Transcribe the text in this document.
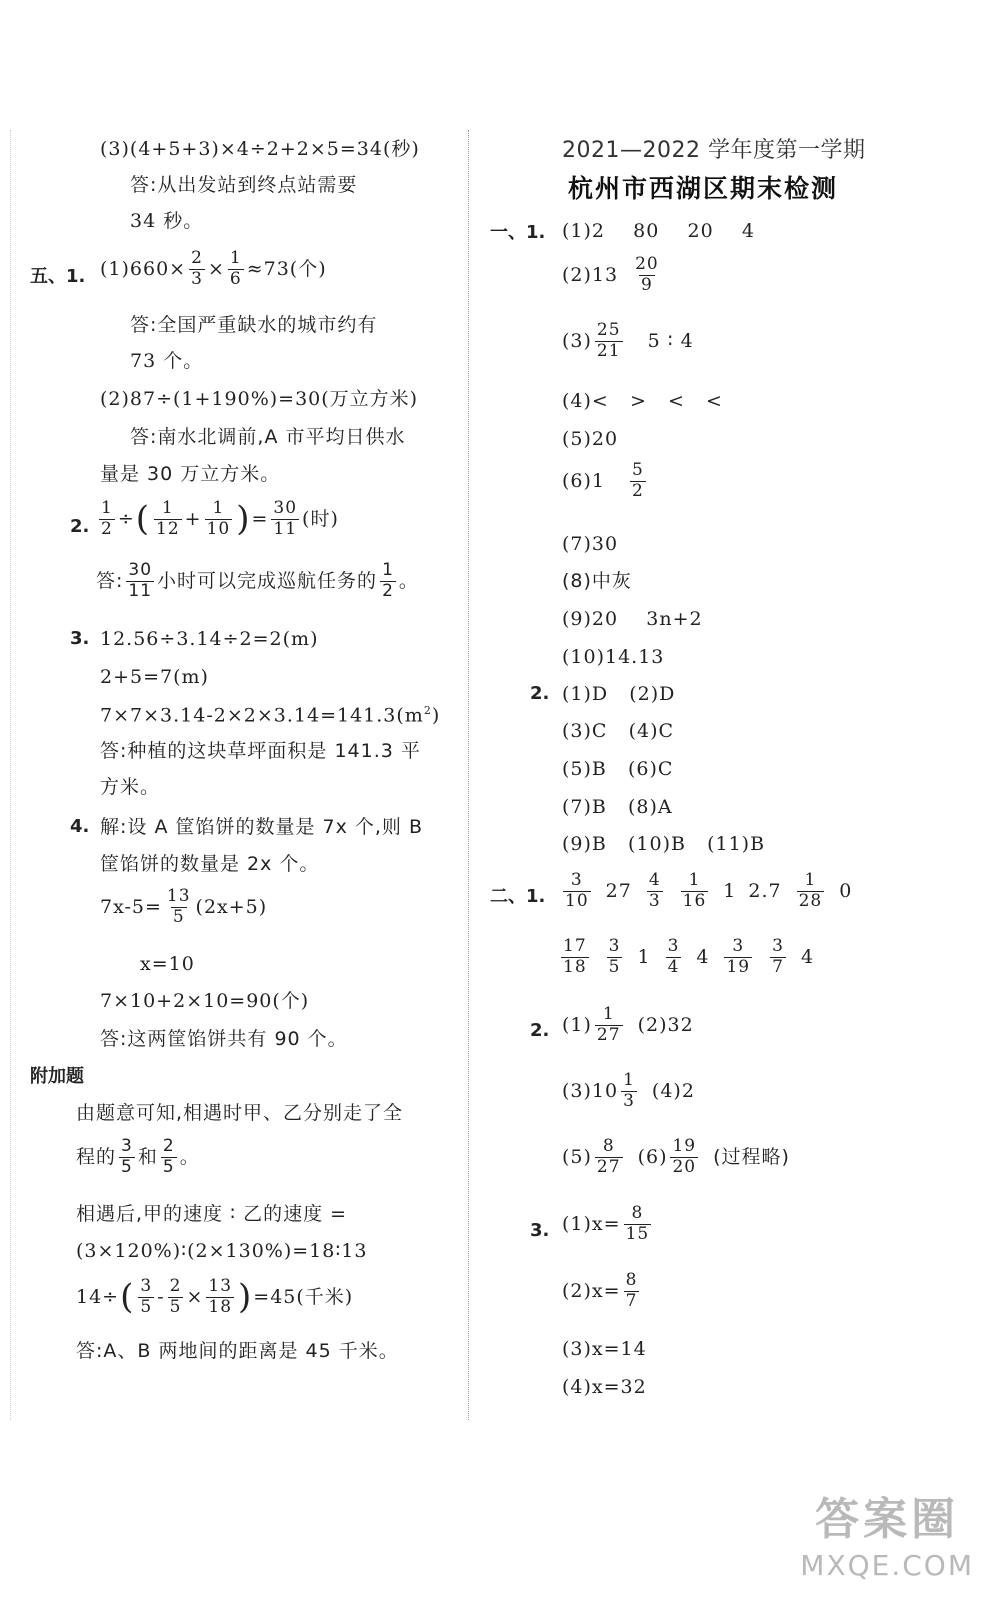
(3)(4+5+3)×4÷2+2×5=34(秒)
答:从出发站到终点站需要
34 秒。
五、1. $(1)660\times \frac{2}{3} \times \frac{1}{6} \approx 73$(个)
答:全国严重缺水的城市约有
73 个。
(2)87÷(1+190%)=30(万立方米)
答:南水北调前,A 市平均日供水
量是 30 万立方米。
2. $\frac{1}{2}$ ÷ ( $\frac{1}{12} + \frac{1}{10}$ ) = $\frac{30}{11}$ (时)
答: $\frac{30}{11}$ 小时可以完成巡航任务的 $\frac{1}{2}$ 。
3. 12.56÷3.14÷2=2(m)
2+5=7(m)
$7\times 7\times 3.14-2\times 2\times 3.14=141.3(m^2)$
答:种植的这块草坪面积是 141.3 平
方米。
4. 解:设 A 筐馅饼的数量是 7x 个,则 B
筐馅饼的数量是 2x 个。
$7x-5= \frac{13}{5} (2x+5)$
x=10
7×10+2×10=90(个)
答:这两筐馅饼共有 90 个。
附加题
由题意可知,相遇时甲、乙分别走了全
程的 $\frac{3}{5}$ 和 $\frac{2}{5}$ 。
相遇后,甲的速度 ∶ 乙的速度 =
(3×120%)∶(2×130%)=18∶13
14÷ ( $\frac{3}{5} - \frac{2}{5} \times \frac{13}{18}$ ) =45(千米)
答:A、B 两地间的距离是 45 千米。
2021—2022 学年度第一学期
杭州市西湖区期末检测
一、1. (1)2    80    20    4
$(2)13 \frac{20}{9}$
$(3) \frac{25}{21} 5$ ∶ 4
(4)<   >   <   <
(5)20
$(6)1 \frac{5}{2}$
(7)30
(8)中灰
(9)20    3n+2
(10)14.13
2. (1)D   (2)D
(3)C   (4)C
(5)B   (6)C
(7)B   (8)A
(9)B   (10)B   (11)B
二、1. $\frac{3}{10} 27 \frac{4}{3} \frac{1}{16} 1$ $2.7 \frac{1}{28} 0$
$\frac{17}{18} \frac{3}{5} 1 \frac{3}{4} 4 \frac{3}{19} \frac{3}{7} 4$
2. $(1) \frac{1}{27} (2)32$
$(3)10 \frac{1}{3} (4)2$
$(5) \frac{8}{27} (6) \frac{19}{20}$ (过程略)
3. $(1)x= \frac{8}{15}$
$(2)x= \frac{8}{7}$
(3)x=14
(4)x=32
答案圈
MXQE.COM
